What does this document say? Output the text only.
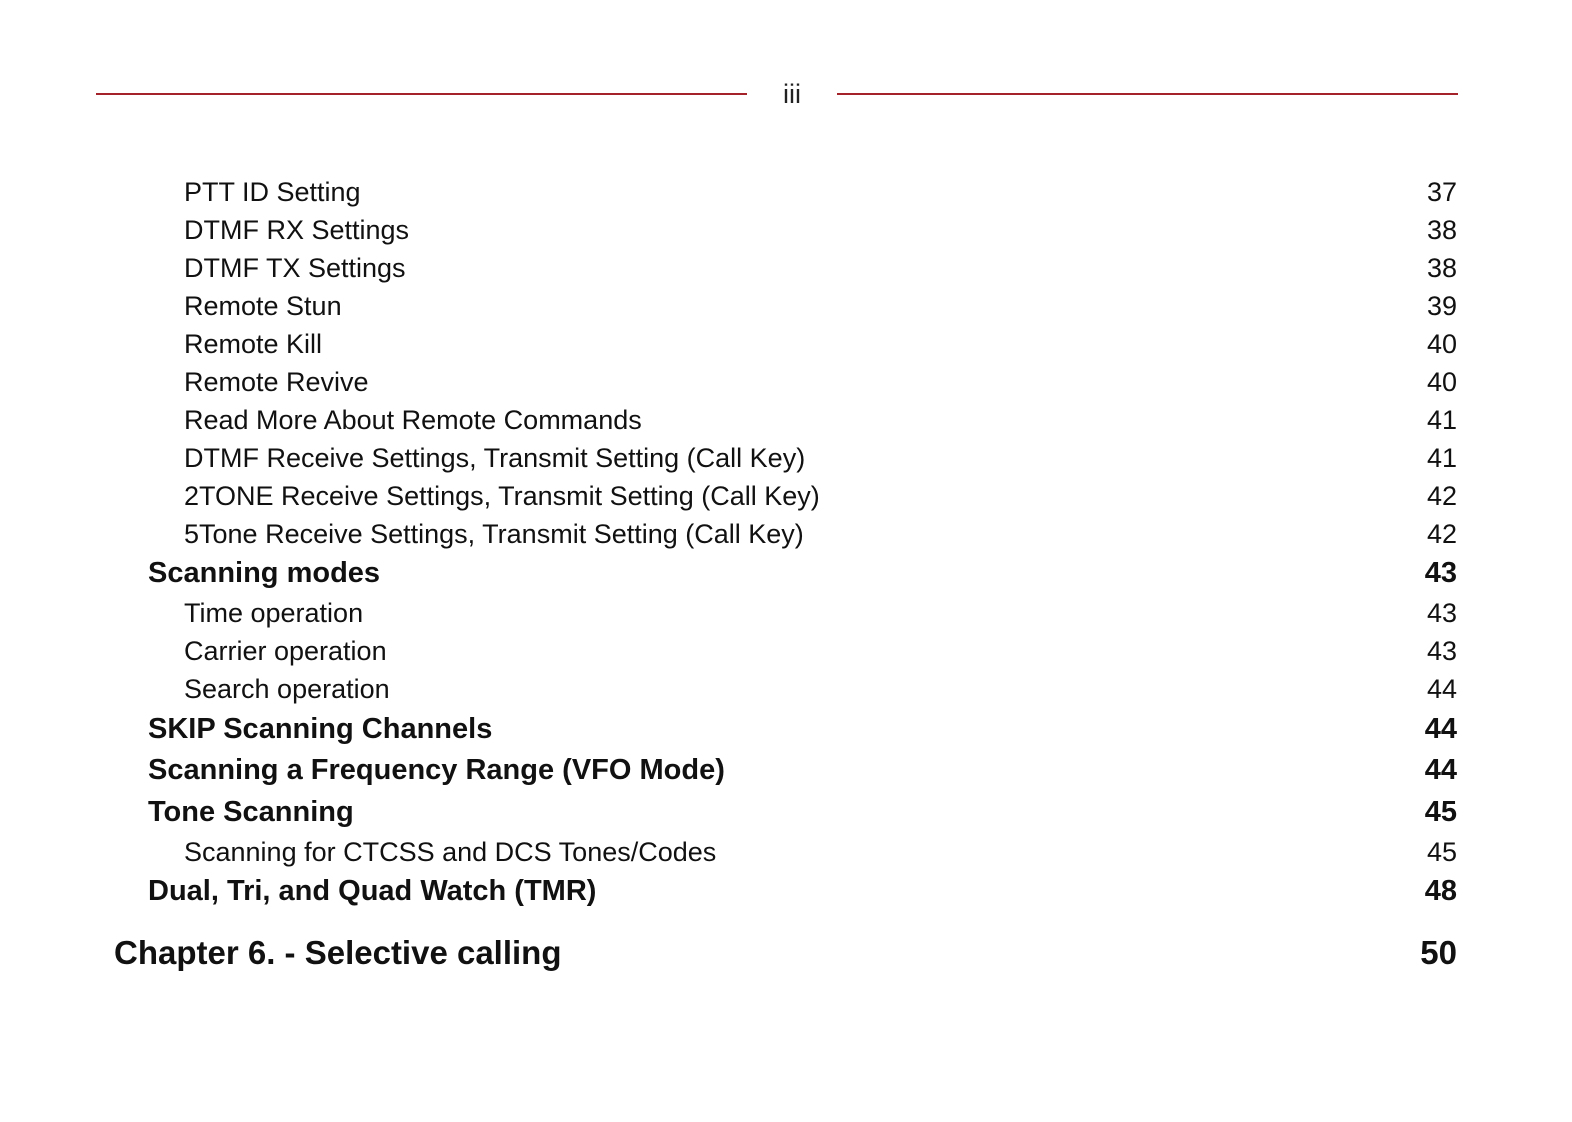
iii
PTT ID Setting	37
DTMF RX Settings	38
DTMF TX Settings	38
Remote Stun	39
Remote Kill	40
Remote Revive	40
Read More About Remote Commands	41
DTMF Receive Settings, Transmit Setting (Call Key)	41
2TONE Receive Settings, Transmit Setting (Call Key)	42
5Tone Receive Settings, Transmit Setting (Call Key)	42
Scanning modes	43
Time operation	43
Carrier operation	43
Search operation	44
SKIP Scanning Channels	44
Scanning a Frequency Range (VFO Mode)	44
Tone Scanning	45
Scanning for CTCSS and DCS Tones/Codes	45
Dual, Tri, and Quad Watch (TMR)	48
Chapter 6. - Selective calling	50
